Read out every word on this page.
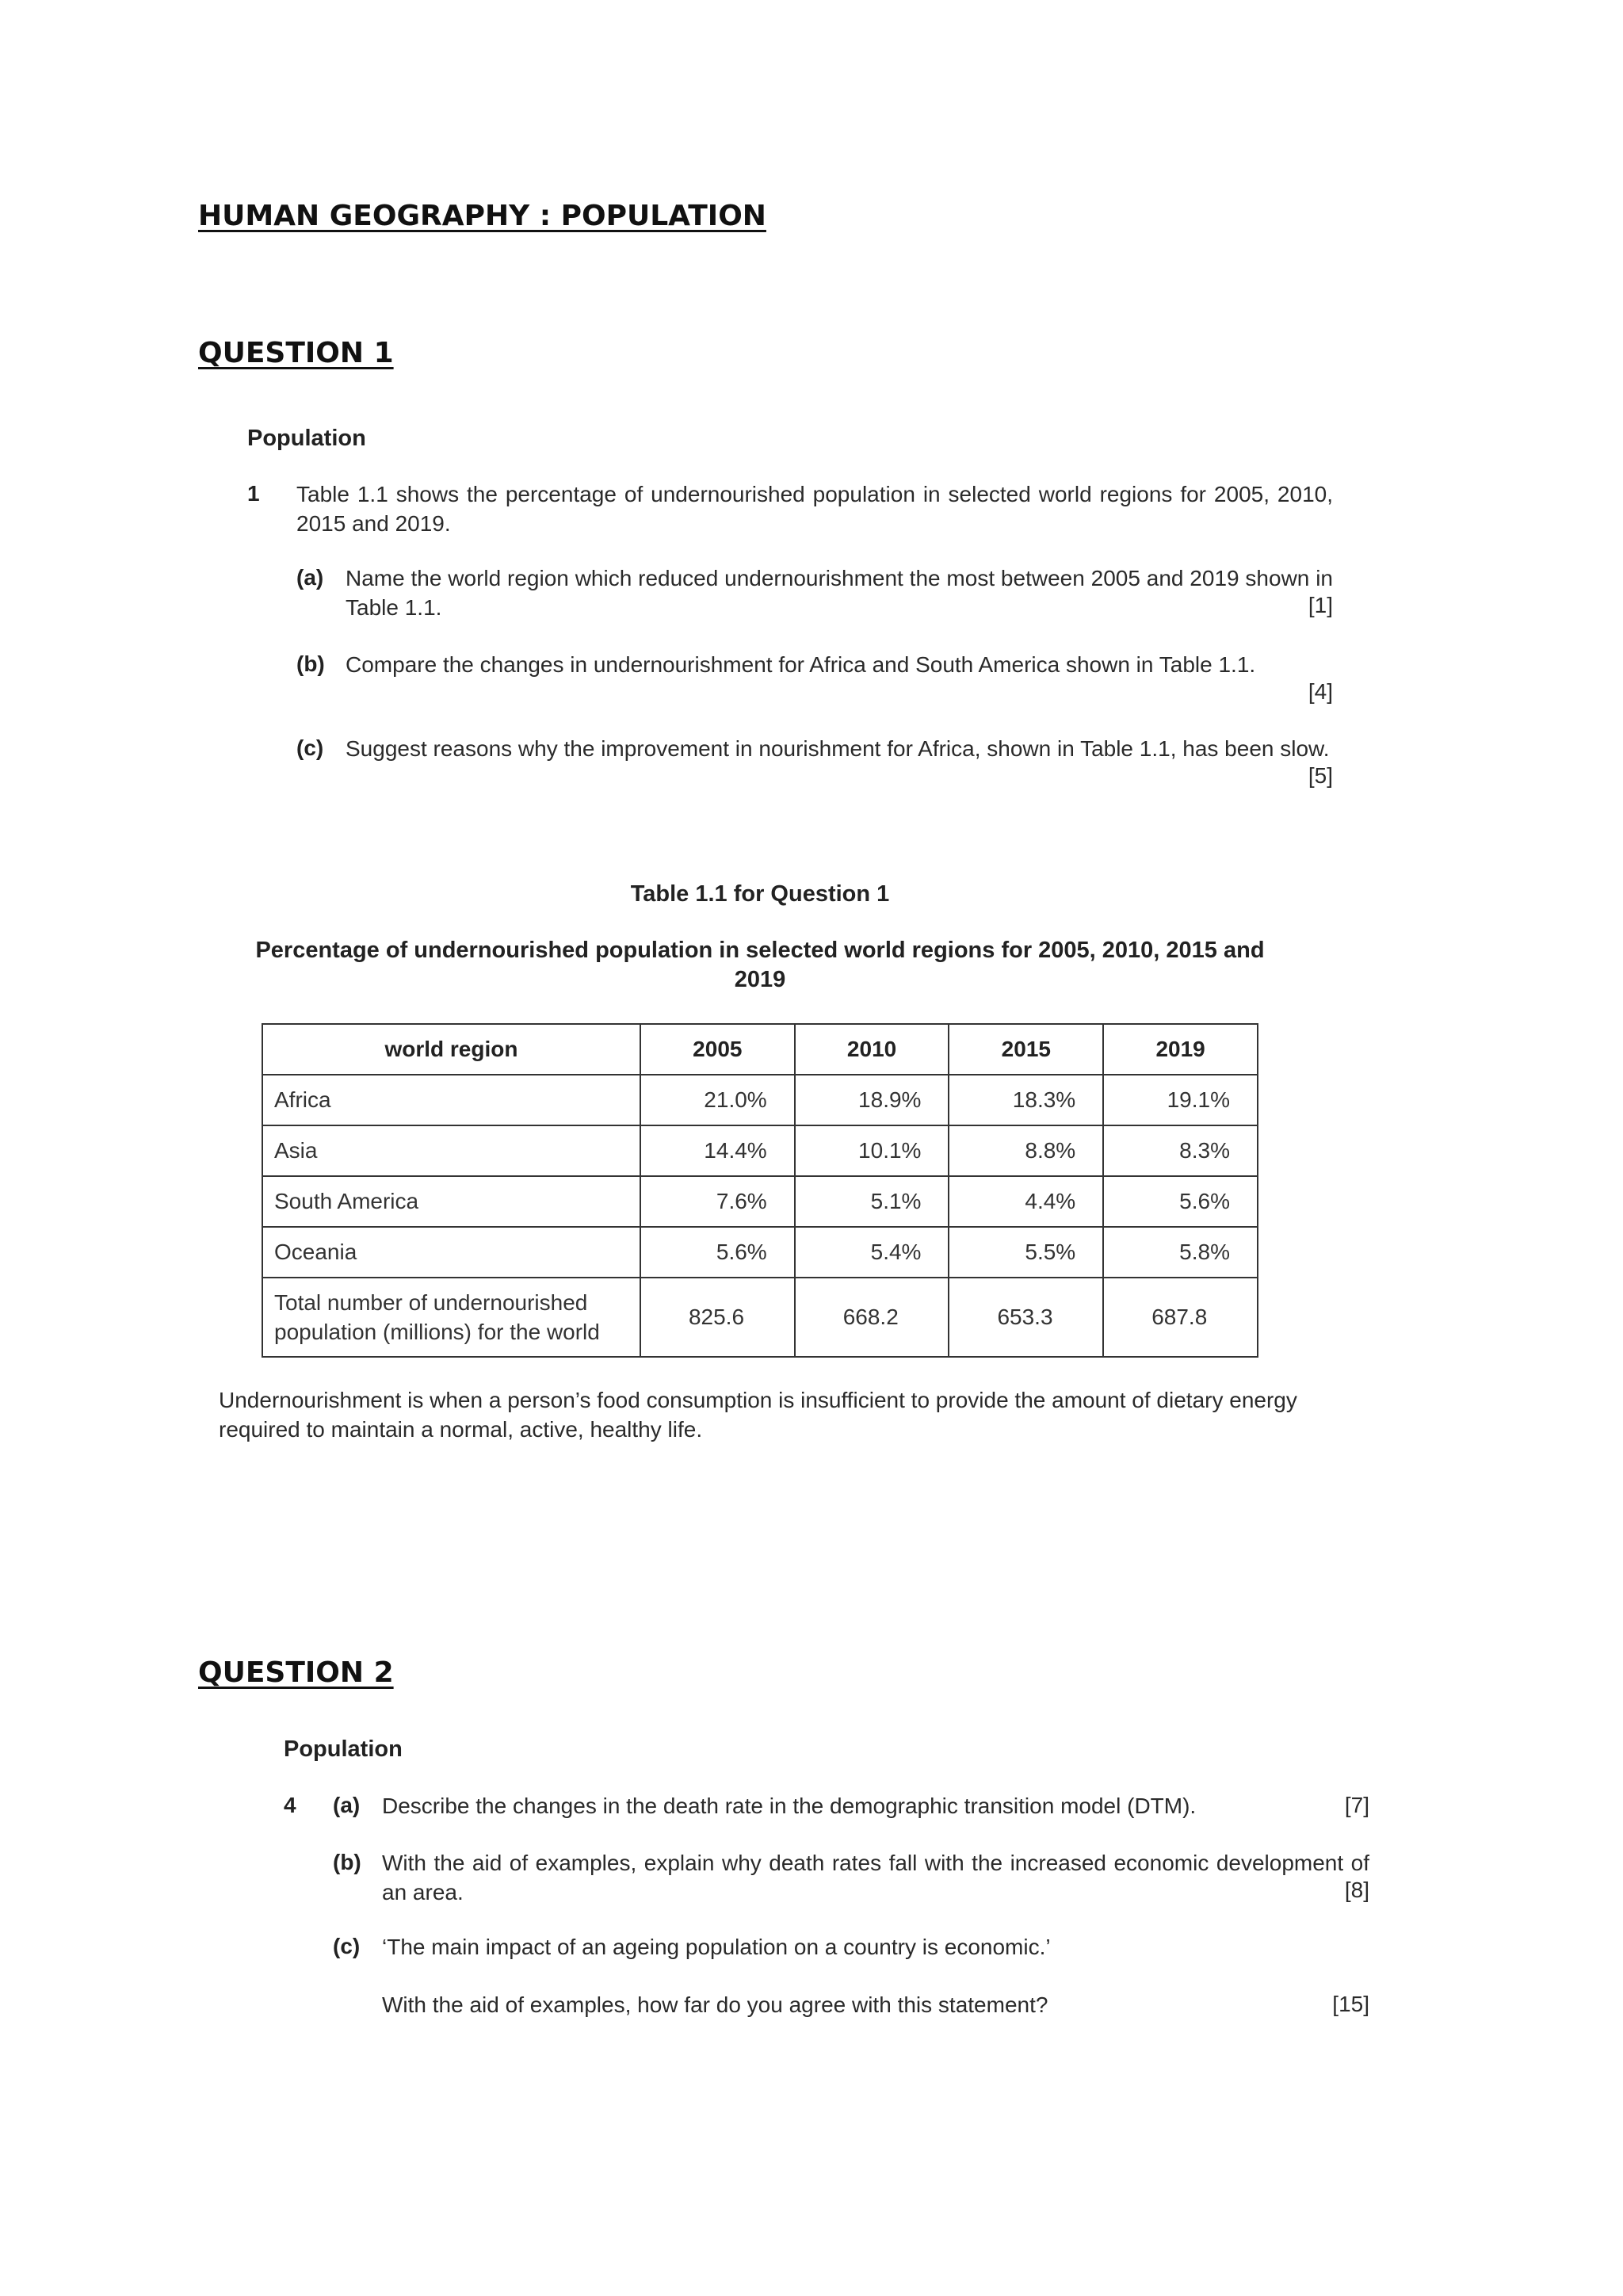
HUMAN GEOGRAPHY : POPULATION
QUESTION 1
Population
1 Table 1.1 shows the percentage of undernourished population in selected world regions for 2005, 2010, 2015 and 2019.
(a) Name the world region which reduced undernourishment the most between 2005 and 2019 shown in Table 1.1.	[1]
(b) Compare the changes in undernourishment for Africa and South America shown in Table 1.1.
[4]
(c) Suggest reasons why the improvement in nourishment for Africa, shown in Table 1.1, has been slow.
[5]
Table 1.1 for Question 1
Percentage of undernourished population in selected world regions for 2005, 2010, 2015 and 2019
world region	2005	2010	2015	2019
Africa	21.0%	18.9%	18.3%	19.1%
Asia	14.4%	10.1%	8.8%	8.3%
South America	7.6%	5.1%	4.4%	5.6%
Oceania	5.6%	5.4%	5.5%	5.8%
Total number of undernourished population (millions) for the world	825.6	668.2	653.3	687.8
Undernourishment is when a person’s food consumption is insufficient to provide the amount of dietary energy required to maintain a normal, active, healthy life.
QUESTION 2
Population
4 (a) Describe the changes in the death rate in the demographic transition model (DTM).	[7]
(b) With the aid of examples, explain why death rates fall with the increased economic development of an area.	[8]
(c) ‘The main impact of an ageing population on a country is economic.’
With the aid of examples, how far do you agree with this statement?	[15]
